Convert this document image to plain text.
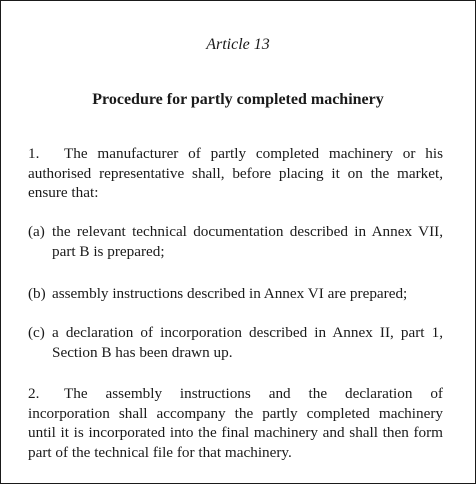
Article 13
Procedure for partly completed machinery
1. The manufacturer of partly completed machinery or his authorised representative shall, before placing it on the market, ensure that:
(a) the relevant technical documentation described in Annex VII, part B is prepared;
(b) assembly instructions described in Annex VI are prepared;
(c) a declaration of incorporation described in Annex II, part 1, Section B has been drawn up.
2. The assembly instructions and the declaration of incorporation shall accompany the partly completed machinery until it is incorporated into the final machinery and shall then form part of the technical file for that machinery.
